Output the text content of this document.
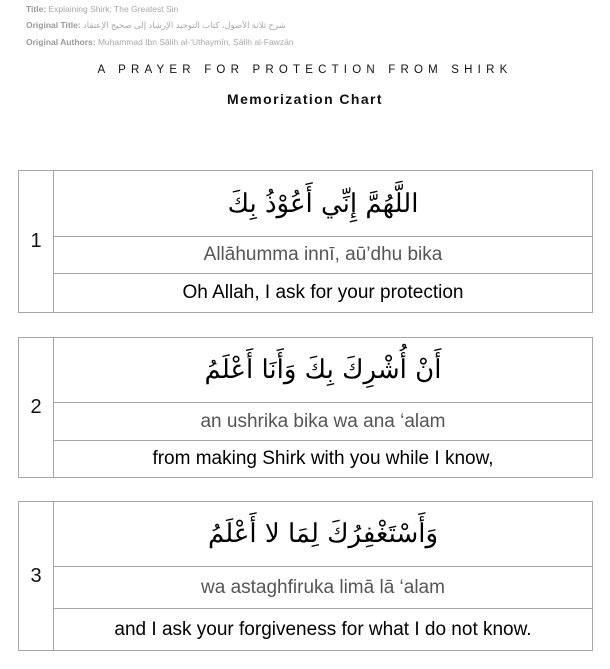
Title: Explaining Shirk; The Greatest Sin
Original Title: شرح ثلاثة الأصول، كتاب التوحيد الإرشاد إلى صحيح الإعتقاد
Original Authors: Muḥammad Ibn Ṣāliḥ al-‘Uthaymīn, Ṣāliḥ al-Fawzān
A PRAYER FOR PROTECTION FROM SHIRK
Memorization Chart
1
اللَّهُمَّ إِنِّي أَعُوْذُ بِكَ
Allāhumma innī, aū’dhu bika
Oh Allah, I ask for your protection
2
أَنْ أُشْرِكَ بِكَ وَأَنَا أَعْلَمُ
an ushrika bika wa ana ‘alam
from making Shirk with you while I know,
3
وَأَسْتَغْفِرُكَ لِمَا لا أَعْلَمُ
wa astaghfiruka limā lā ‘alam
and I ask your forgiveness for what I do not know.
